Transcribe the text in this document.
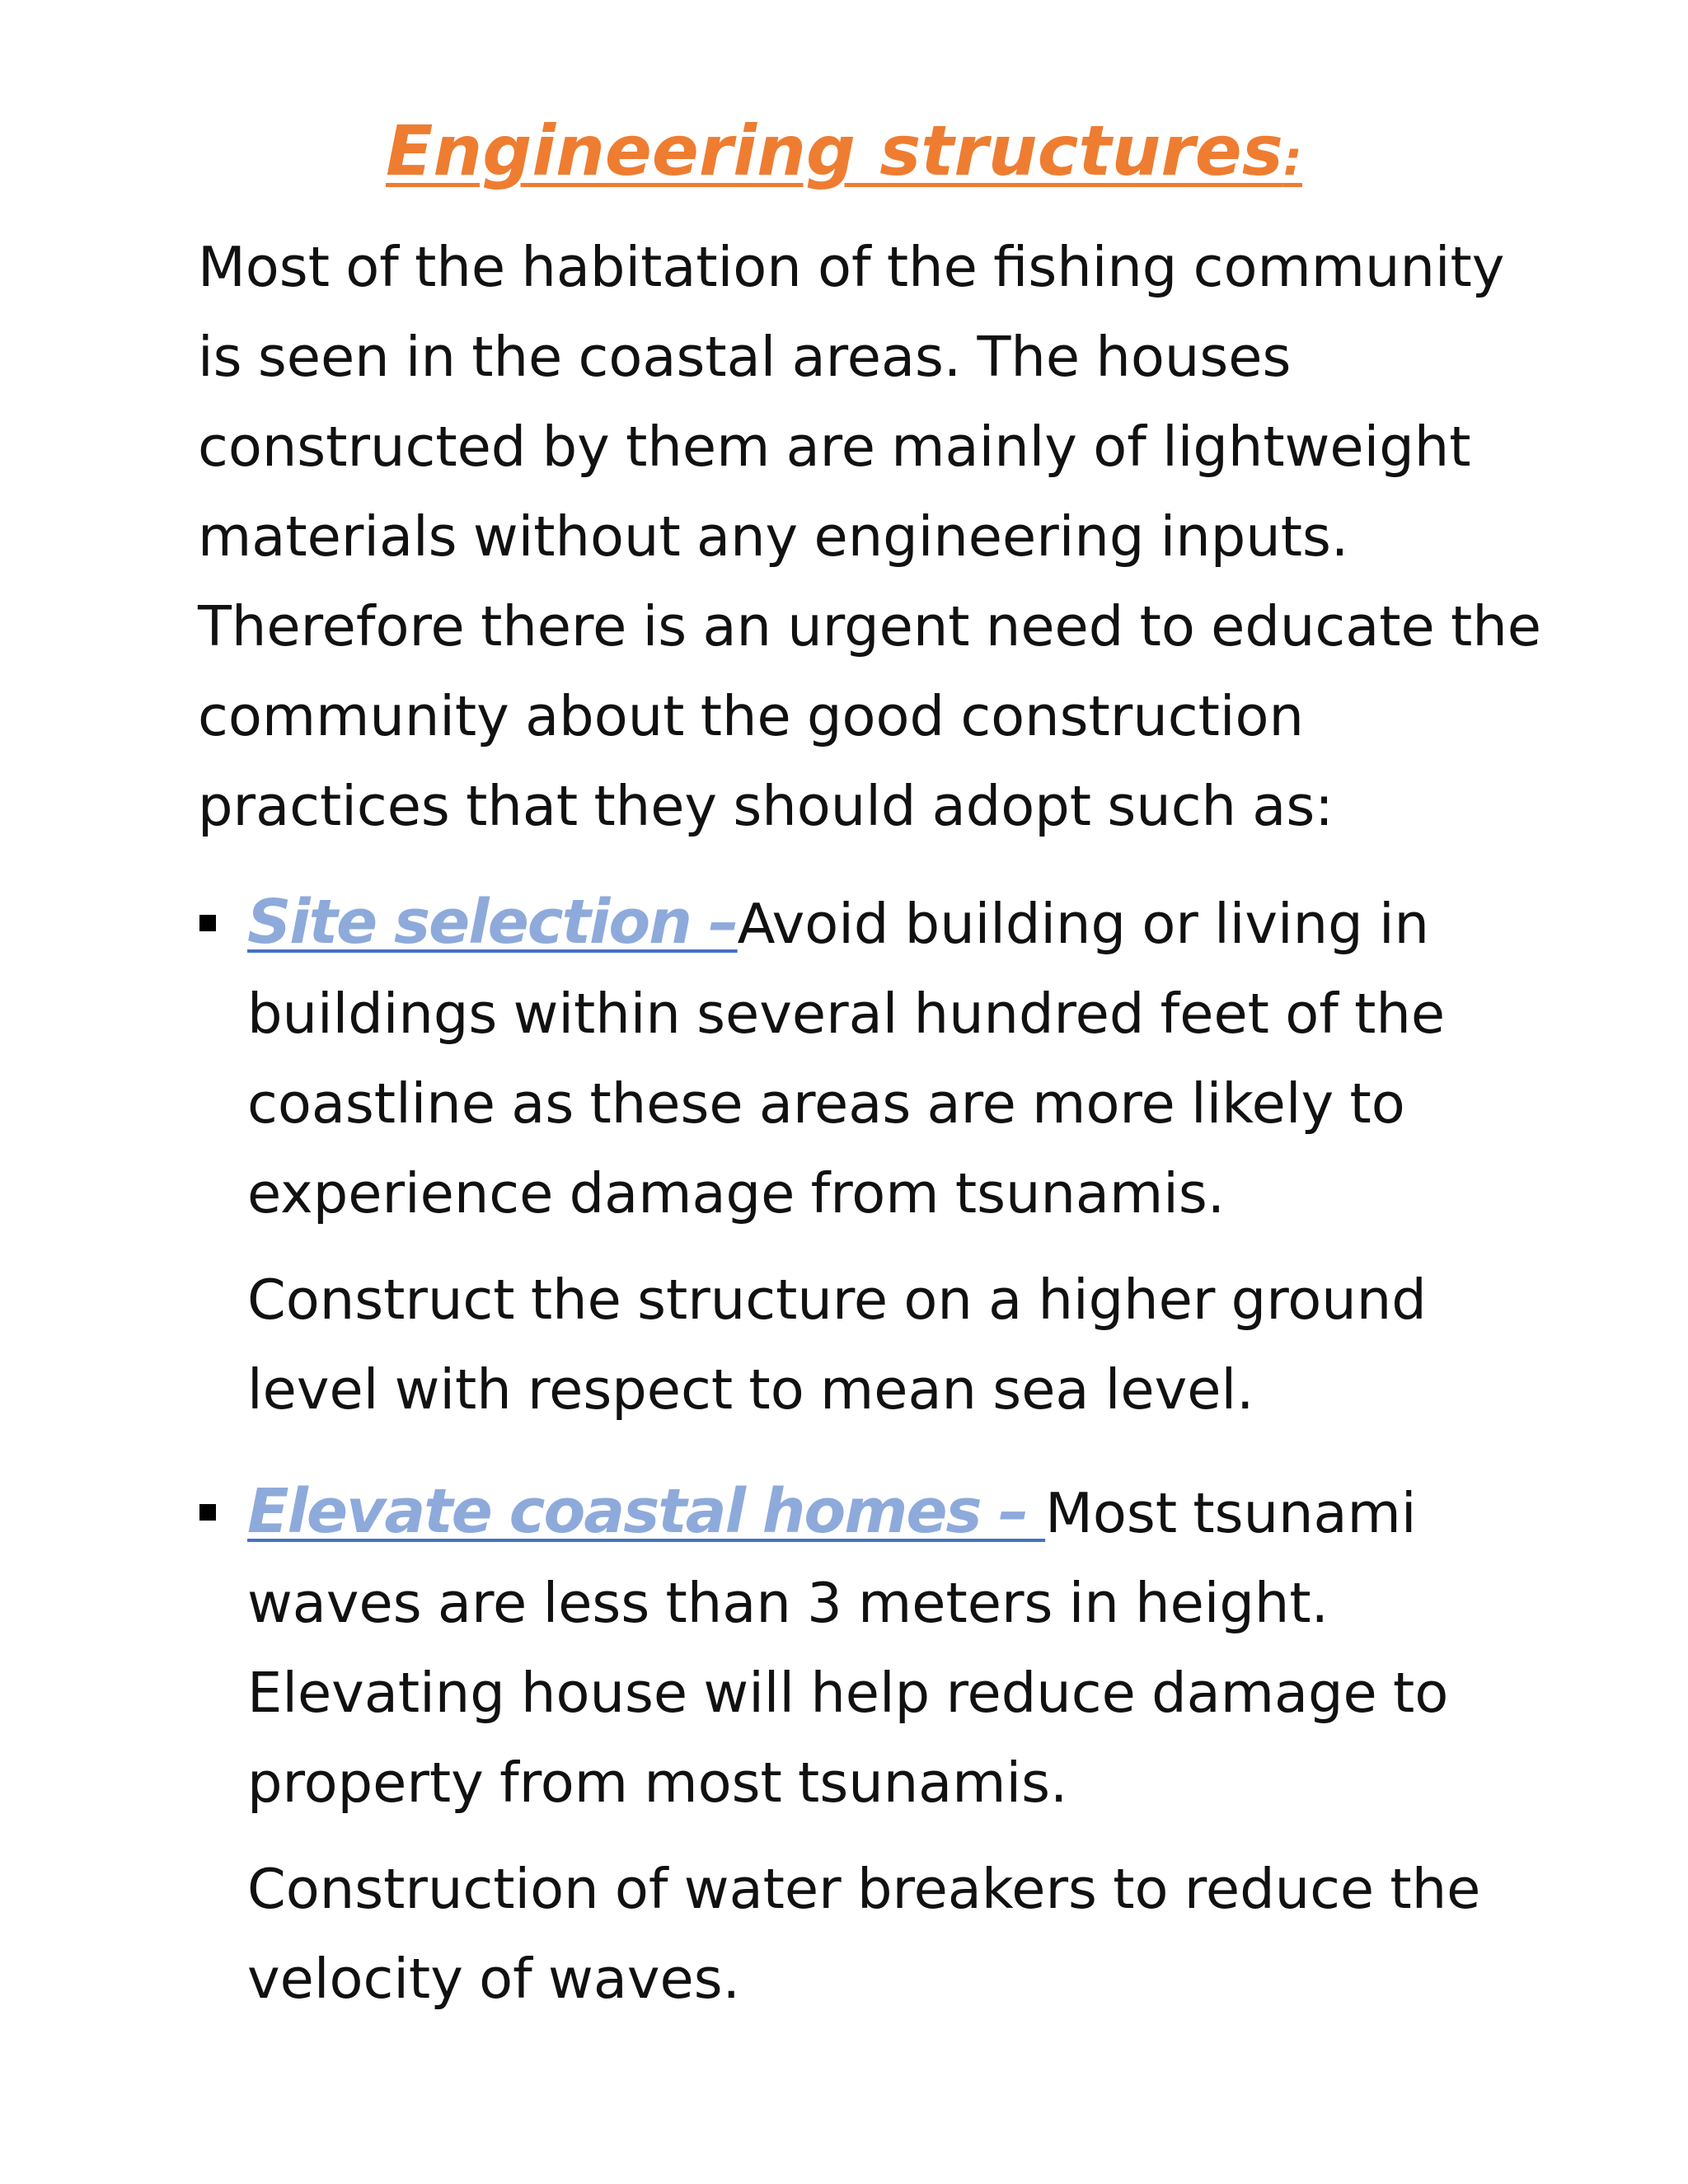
Engineering structures:

Most of the habitation of the fishing community is seen in the coastal areas. The houses constructed by them are mainly of lightweight materials without any engineering inputs. Therefore there is an urgent need to educate the community about the good construction practices that they should adopt such as:

Site selection –Avoid building or living in buildings within several hundred feet of the coastline as these areas are more likely to experience damage from tsunamis.

Construct the structure on a higher ground level with respect to mean sea level.

Elevate coastal homes – Most tsunami waves are less than 3 meters in height. Elevating house will help reduce damage to property from most tsunamis.

Construction of water breakers to reduce the velocity of waves.
